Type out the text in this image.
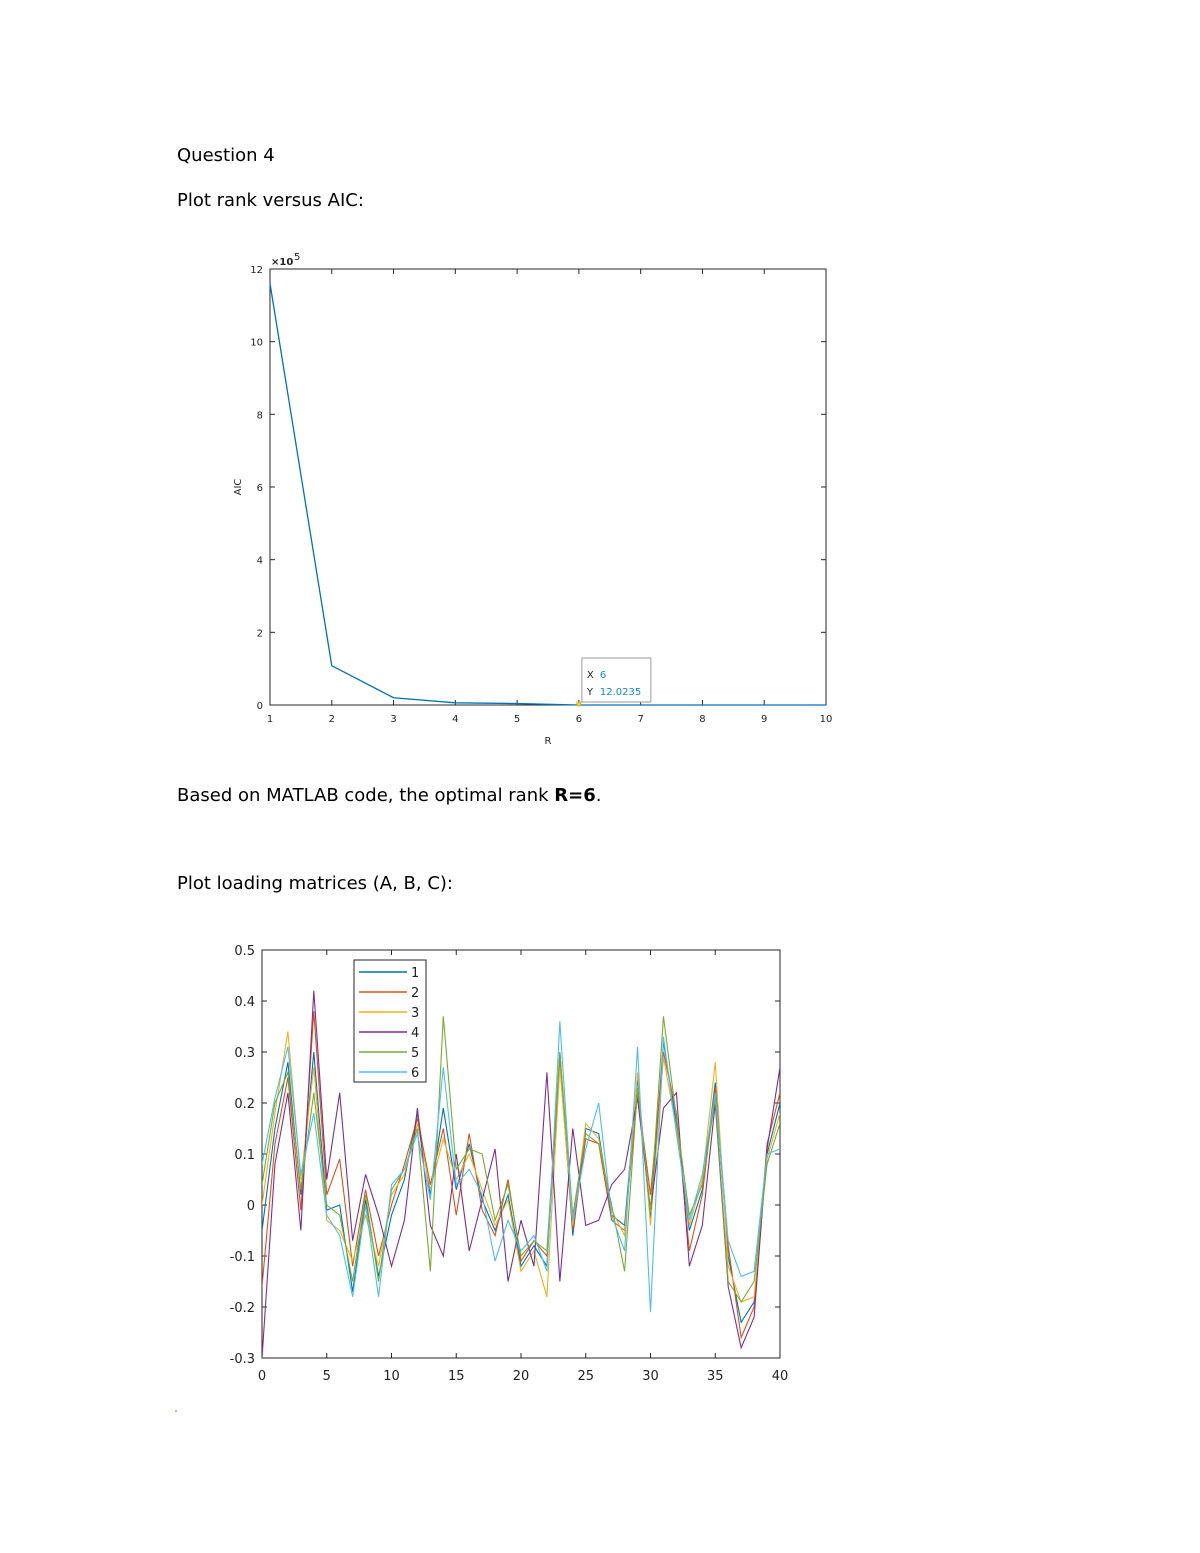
Question 4
Plot rank versus AIC:
1	2	3	4	5	6	7	8	9	10
0
2
4
6
8
10
12
×10 5
R
AIC
X 6
Y 12.0235
Based on MATLAB code, the optimal rank R=6.
Plot loading matrices (A, B, C):
0	5	10	15	20	25	30	35	40
-0.3
-0.2
-0.1
0
0.1
0.2
0.3
0.4
0.5
1
2
3
4
5
6
